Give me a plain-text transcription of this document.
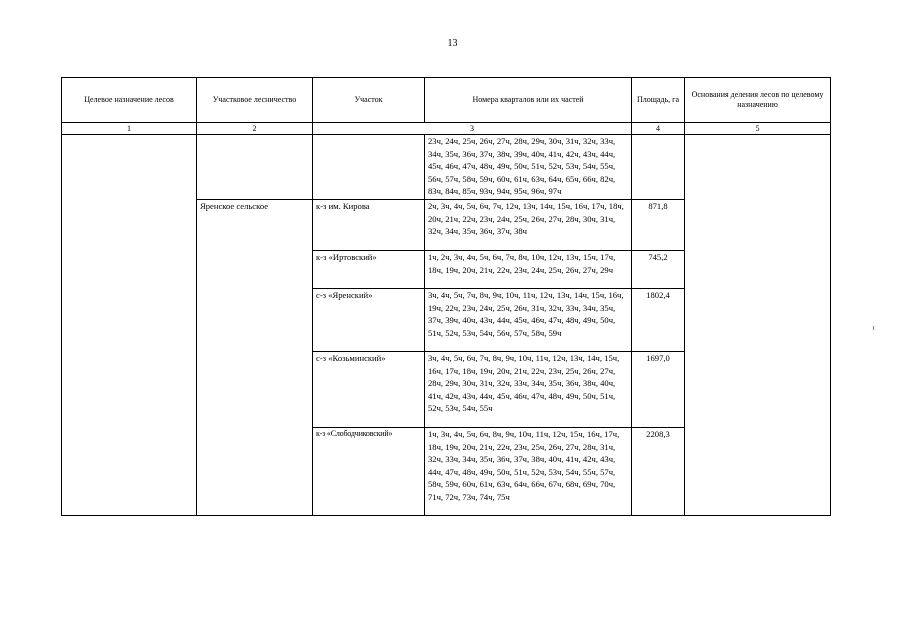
13
Целевое назначение лесов	Участковое лесничество	Участок	Номера кварталов или их частей	Площадь, га	Основания деления лесов по целевому назначению
1	2	3		4	5
			23ч, 24ч, 25ч, 26ч, 27ч, 28ч, 29ч, 30ч, 31ч, 32ч, 33ч, 34ч, 35ч, 36ч, 37ч, 38ч, 39ч, 40ч, 41ч, 42ч, 43ч, 44ч, 45ч, 46ч, 47ч, 48ч, 49ч, 50ч, 51ч, 52ч, 53ч, 54ч, 55ч, 56ч, 57ч, 58ч, 59ч, 60ч, 61ч, 63ч, 64ч, 65ч, 66ч, 82ч, 83ч, 84ч, 85ч, 93ч, 94ч, 95ч, 96ч, 97ч		
	Яренское сельское	к-з им. Кирова	2ч, 3ч, 4ч, 5ч, 6ч, 7ч, 12ч, 13ч, 14ч, 15ч, 16ч, 17ч, 18ч, 20ч, 21ч, 22ч, 23ч, 24ч, 25ч, 26ч, 27ч, 28ч, 30ч, 31ч, 32ч, 34ч, 35ч, 36ч, 37ч, 38ч	871,8	
		к-з «Иртовский»	1ч, 2ч, 3ч, 4ч, 5ч, 6ч, 7ч, 8ч, 10ч, 12ч, 13ч, 15ч, 17ч, 18ч, 19ч, 20ч, 21ч, 22ч, 23ч, 24ч, 25ч, 26ч, 27ч, 29ч	745,2	
		с-з «Яренский»	3ч, 4ч, 5ч, 7ч, 8ч, 9ч, 10ч, 11ч, 12ч, 13ч, 14ч, 15ч, 16ч, 19ч, 22ч, 23ч, 24ч, 25ч, 26ч, 31ч, 32ч, 33ч, 34ч, 35ч, 37ч, 39ч, 40ч, 43ч, 44ч, 45ч, 46ч, 47ч, 48ч, 49ч, 50ч, 51ч, 52ч, 53ч, 54ч, 56ч, 57ч, 58ч, 59ч	1802,4	
		с-з «Козьминский»	3ч, 4ч, 5ч, 6ч, 7ч, 8ч, 9ч, 10ч, 11ч, 12ч, 13ч, 14ч, 15ч, 16ч, 17ч, 18ч, 19ч, 20ч, 21ч, 22ч, 23ч, 25ч, 26ч, 27ч, 28ч, 29ч, 30ч, 31ч, 32ч, 33ч, 34ч, 35ч, 36ч, 38ч, 40ч, 41ч, 42ч, 43ч, 44ч, 45ч, 46ч, 47ч, 48ч, 49ч, 50ч, 51ч, 52ч, 53ч, 54ч, 55ч	1697,0	
		к-з «Слободчиковский»	1ч, 3ч, 4ч, 5ч, 6ч, 8ч, 9ч, 10ч, 11ч, 12ч, 15ч, 16ч, 17ч, 18ч, 19ч, 20ч, 21ч, 22ч, 23ч, 25ч, 26ч, 27ч, 28ч, 31ч, 32ч, 33ч, 34ч, 35ч, 36ч, 37ч, 38ч, 40ч, 41ч, 42ч, 43ч, 44ч, 47ч, 48ч, 49ч, 50ч, 51ч, 52ч, 53ч, 54ч, 55ч, 57ч, 58ч, 59ч, 60ч, 61ч, 63ч, 64ч, 66ч, 67ч, 68ч, 69ч, 70ч, 71ч, 72ч, 73ч, 74ч, 75ч	2208,3	
